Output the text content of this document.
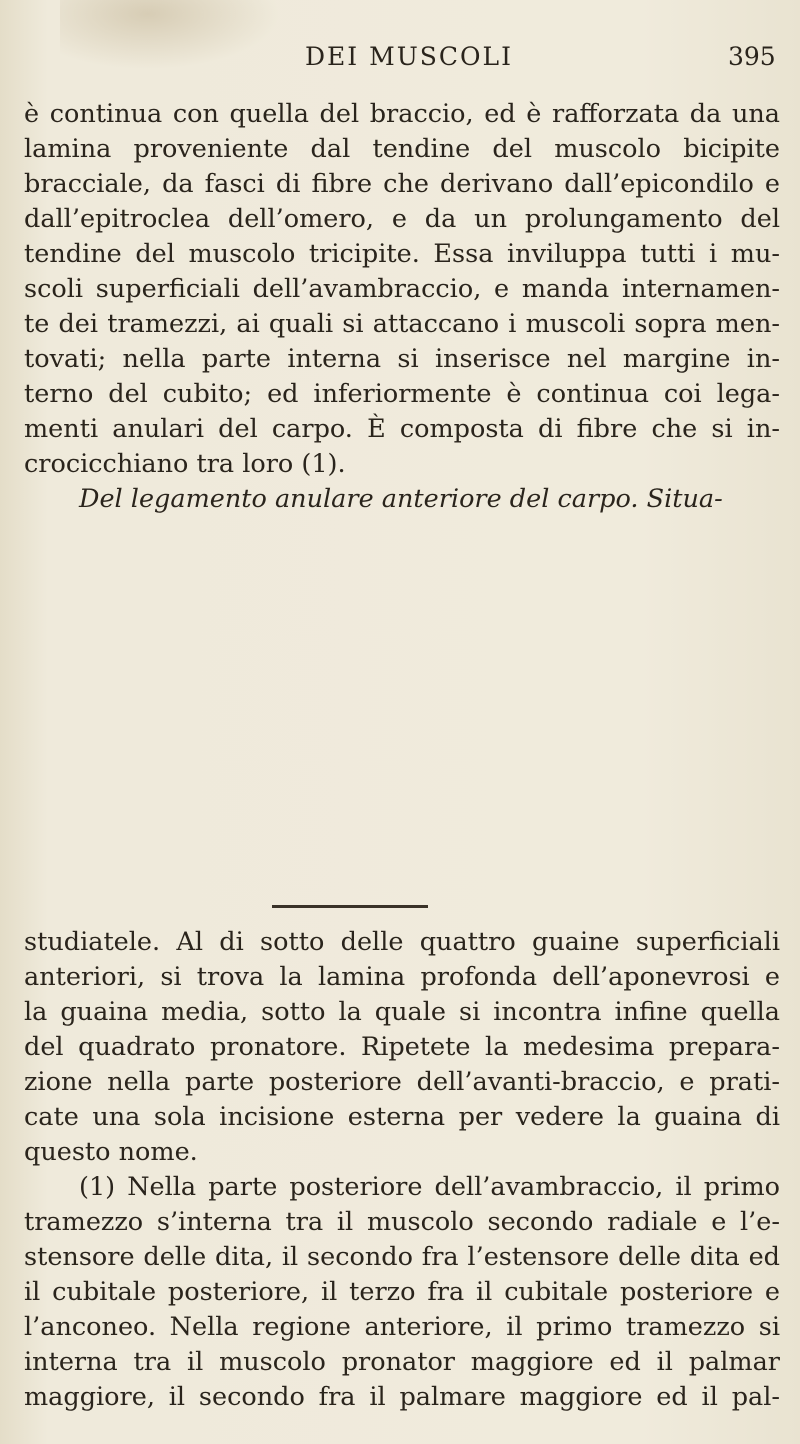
DEI MUSCOLI	395
è continua con quella del braccio, ed è rafforzata da una
lamina proveniente dal tendine del muscolo bicipite
bracciale, da fasci di fibre che derivano dall’epicondilo e
dall’epitroclea dell’omero, e da un prolungamento del
tendine del muscolo tricipite. Essa inviluppa tutti i mu-
scoli superficiali dell’avambraccio, e manda internamen-
te dei tramezzi, ai quali si attaccano i muscoli sopra men-
tovati; nella parte interna si inserisce nel margine in-
terno del cubito; ed inferiormente è continua coi lega-
menti anulari del carpo. È composta di fibre che si in-
crocicchiano tra loro (1).
Del legamento anulare anteriore del carpo. Situa-
studiatele. Al di sotto delle quattro guaine superficiali
anteriori, si trova la lamina profonda dell’aponevrosi e
la guaina media, sotto la quale si incontra infine quella
del quadrato pronatore. Ripetete la medesima prepara-
zione nella parte posteriore dell’avanti-braccio, e prati-
cate una sola incisione esterna per vedere la guaina di
questo nome.
(1) Nella parte posteriore dell’avambraccio, il primo
tramezzo s’interna tra il muscolo secondo radiale e l’e-
stensore delle dita, il secondo fra l’estensore delle dita ed
il cubitale posteriore, il terzo fra il cubitale posteriore e
l’anconeo. Nella regione anteriore, il primo tramezzo si
interna tra il muscolo pronator maggiore ed il palmar
maggiore, il secondo fra il palmare maggiore ed il pal-
